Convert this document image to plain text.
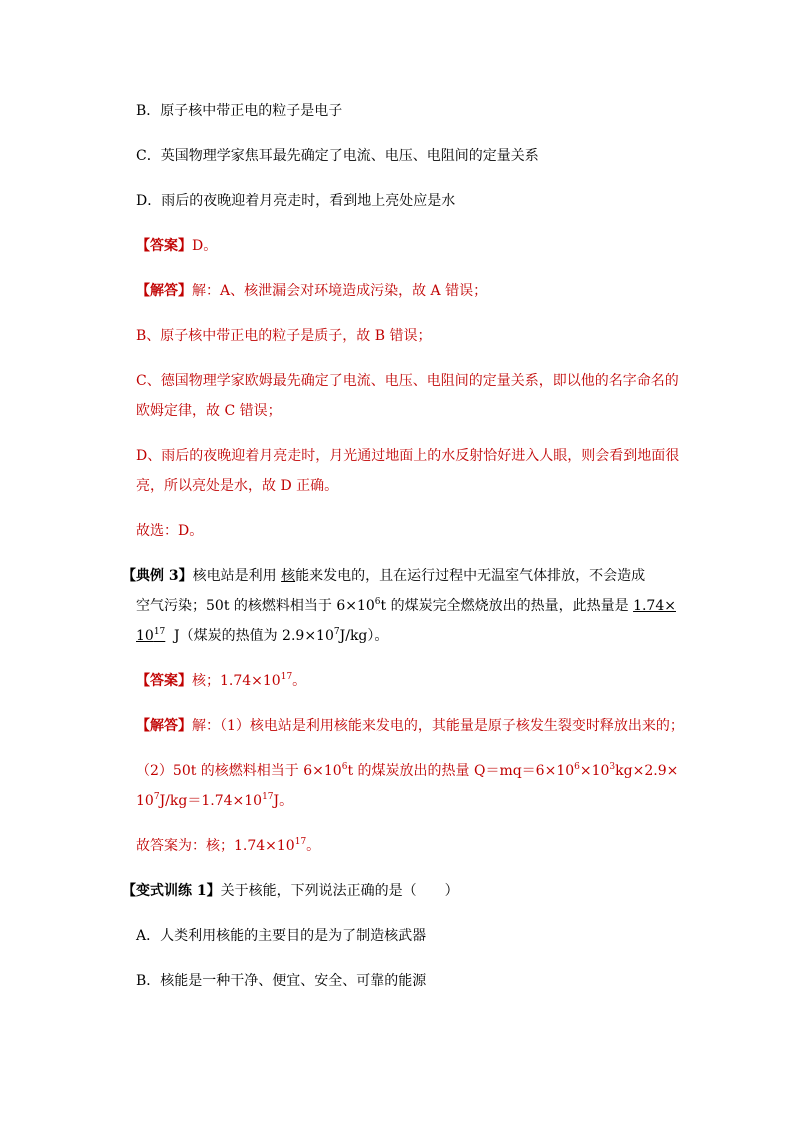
B．原子核中带正电的粒子是电子
C．英国物理学家焦耳最先确定了电流、电压、电阻间的定量关系
D．雨后的夜晚迎着月亮走时，看到地上亮处应是水
【答案】D。
【解答】解：A、核泄漏会对环境造成污染，故 A 错误；
B、原子核中带正电的粒子是质子，故 B 错误；
C、德国物理学家欧姆最先确定了电流、电压、电阻间的定量关系，即以他的名字命名的
欧姆定律，故 C 错误；
D、雨后的夜晚迎着月亮走时，月光通过地面上的水反射恰好进入人眼，则会看到地面很
亮，所以亮处是水，故 D 正确。
故选：D。
【典例 3】核电站是利用 核能来发电的，且在运行过程中无温室气体排放，不会造成
空气污染；50t 的核燃料相当于 $6\times 10^6t$ 的煤炭完全燃烧放出的热量，此热量是 1.74×
$10^{17}$ J（煤炭的热值为 $2.9\times 10^7J/kg$）。
【答案】核；$1.74\times 10^{17}$。
【解答】解：（1）核电站是利用核能来发电的，其能量是原子核发生裂变时释放出来的；
（2）50t 的核燃料相当于 $6\times 10^6t$ 的煤炭放出的热量 $Q=mq=6\times 10^6\times 10^3kg\times 2.9\times$
$10^7J/kg=1.74\times 10^{17}J$。
故答案为：核；$1.74\times 10^{17}$。
【变式训练 1】关于核能，下列说法正确的是（　　）
A．人类利用核能的主要目的是为了制造核武器
B．核能是一种干净、便宜、安全、可靠的能源
